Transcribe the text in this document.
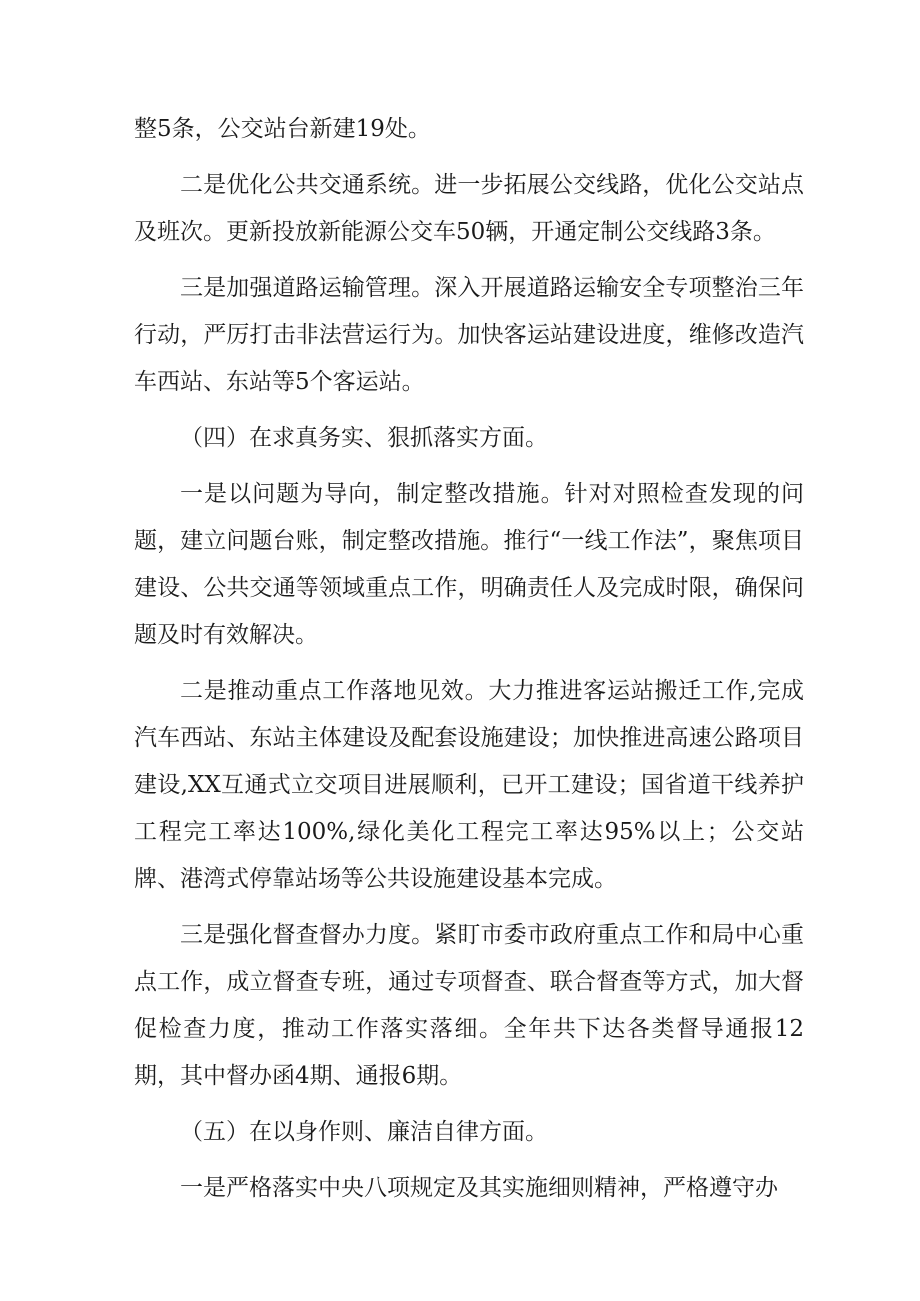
整5条，公交站台新建19处。

二是优化公共交通系统。进一步拓展公交线路，优化公交站点及班次。更新投放新能源公交车50辆，开通定制公交线路3条。

三是加强道路运输管理。深入开展道路运输安全专项整治三年行动，严厉打击非法营运行为。加快客运站建设进度，维修改造汽车西站、东站等5个客运站。

（四）在求真务实、狠抓落实方面。

一是以问题为导向，制定整改措施。针对对照检查发现的问题，建立问题台账，制定整改措施。推行“一线工作法”，聚焦项目建设、公共交通等领域重点工作，明确责任人及完成时限，确保问题及时有效解决。

二是推动重点工作落地见效。大力推进客运站搬迁工作,完成汽车西站、东站主体建设及配套设施建设；加快推进高速公路项目建设,XX互通式立交项目进展顺利，已开工建设；国省道干线养护工程完工率达100%,绿化美化工程完工率达95%以上；公交站牌、港湾式停靠站场等公共设施建设基本完成。

三是强化督查督办力度。紧盯市委市政府重点工作和局中心重点工作，成立督查专班，通过专项督查、联合督查等方式，加大督促检查力度，推动工作落实落细。全年共下达各类督导通报12期，其中督办函4期、通报6期。

（五）在以身作则、廉洁自律方面。

一是严格落实中央八项规定及其实施细则精神，严格遵守办
